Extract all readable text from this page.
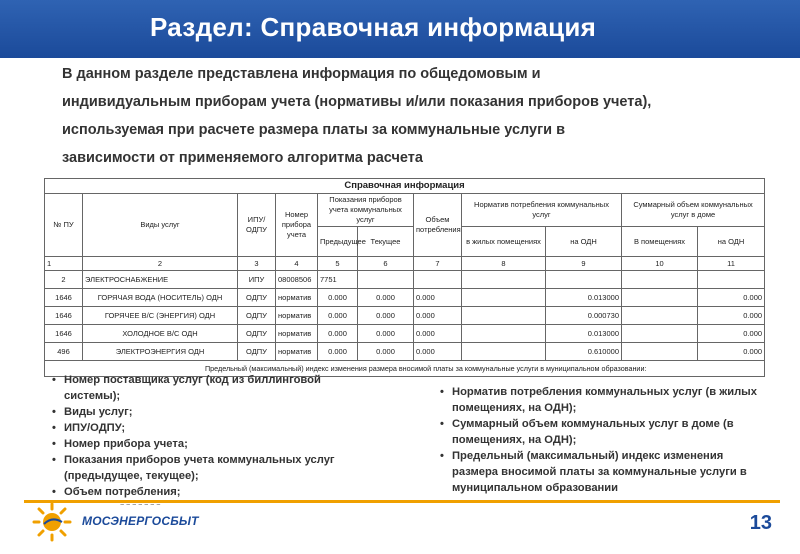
Раздел: Справочная информация
В данном разделе представлена информация по общедомовым и
индивидуальным приборам учета (нормативы и/или показания приборов учета),
используемая при расчете размера платы за коммунальные услуги в
зависимости от применяемого алгоритма расчета
Справочная информация										
№ ПУ	Виды услуг	ИПУ/ОДПУ	Номер прибора учета	Показания приборов учета коммунальных услуг		Объем потребления	Норматив потребления коммунальных услуг		Суммарный объем коммунальных услуг в доме	
				Предыдущее	Текущее		в жилых помещениях	на ОДН	В помещениях	на ОДН
1	2	3	4	5	6	7	8	9	10	11
2	ЭЛЕКТРОСНАБЖЕНИЕ	ИПУ	08008506	7751						
1646	ГОРЯЧАЯ ВОДА (НОСИТЕЛЬ) ОДН	ОДПУ	норматив	0.000	0.000	0.000		0.013000		0.000
1646	ГОРЯЧЕЕ В/С (ЭНЕРГИЯ) ОДН	ОДПУ	норматив	0.000	0.000	0.000		0.000730		0.000
1646	ХОЛОДНОЕ В/С ОДН	ОДПУ	норматив	0.000	0.000	0.000		0.013000		0.000
496	ЭЛЕКТРОЭНЕРГИЯ ОДН	ОДПУ	норматив	0.000	0.000	0.000		0.610000		0.000
Предельный (максимальный) индекс изменения размера вносимой платы за коммунальные услуги в муниципальном образовании:										
• Номер поставщика услуг (код из биллинговой системы);
• Виды услуг;
• ИПУ/ОДПУ;
• Номер прибора учета;
• Показания приборов учета коммунальных услуг (предыдущее, текущее);
• Объем потребления;
• Норматив потребления коммунальных услуг (в жилых помещениях, на ОДН);
• Суммарный объем коммунальных услуг в доме (в помещениях, на ОДН);
• Предельный (максимальный) индекс изменения размера вносимой платы за коммунальные услуги в муниципальном образовании
~ ~ ~ ~ ~ ~ ~
МОСЭНЕРГОСБЫТ	13
